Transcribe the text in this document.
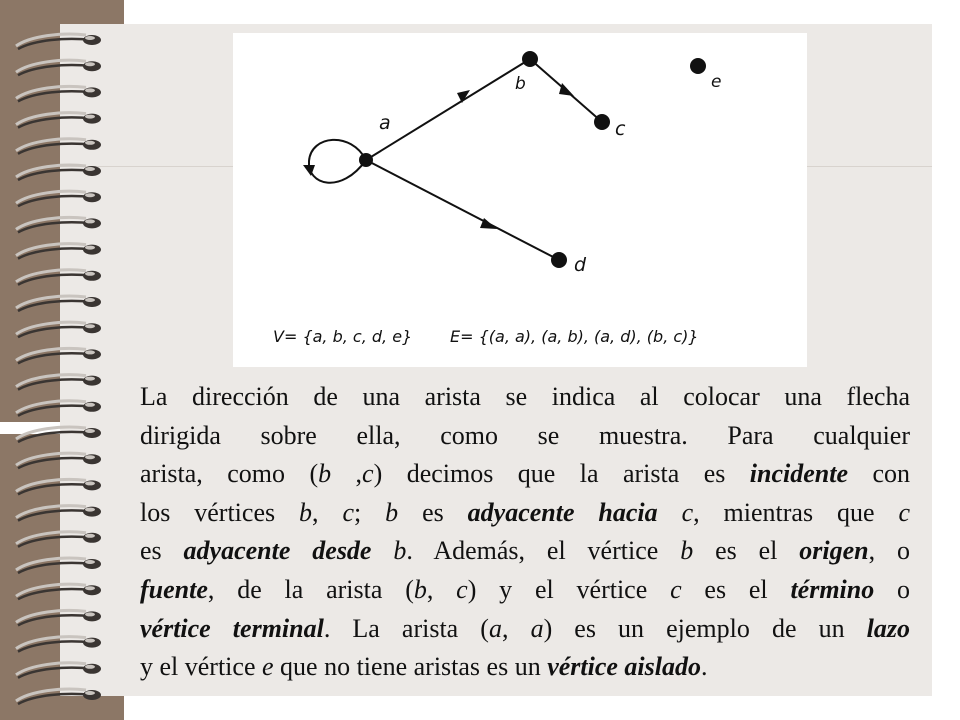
a
b
c
d
e
V= {a, b, c, d, e} E= {(a, a), (a, b), (a, d), (b, c)}
La dirección de una arista se indica al colocar una flecha
dirigida sobre ella, como se muestra. Para cualquier
arista, como (b ,c) decimos que la arista es incidente con
los vértices b, c; b es adyacente hacia c, mientras que c
es adyacente desde b. Además, el vértice b es el origen, o
fuente, de la arista (b, c) y el vértice c es el término o
vértice terminal. La arista (a, a) es un ejemplo de un lazo
y el vértice e que no tiene aristas es un vértice aislado.
